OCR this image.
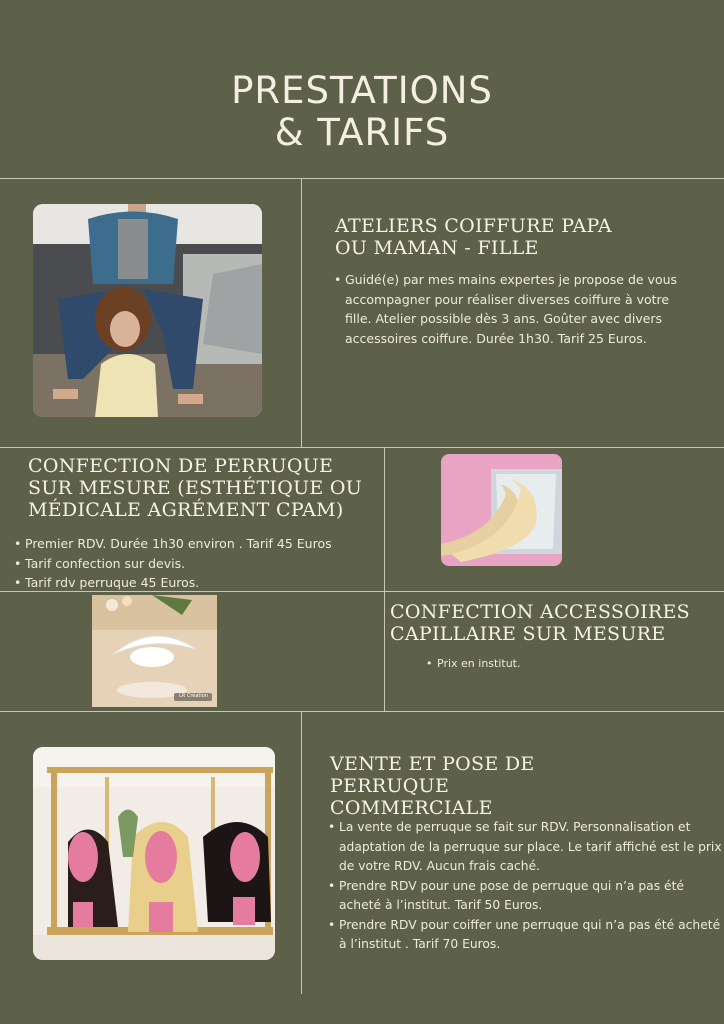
PRESTATIONS
& TARIFS
ATELIERS COIFFURE PAPA
OU MAMAN - FILLE
• Guidé(e) par mes mains expertes je propose de vous accompagner pour réaliser diverses coiffure à votre fille. Atelier possible dès 3 ans. Goûter avec divers accessoires coiffure. Durée 1h30. Tarif 25 Euros.
CONFECTION DE PERRUQUE
SUR MESURE (ESTHÉTIQUE OU
MÉDICALE AGRÉMENT CPAM)
• Premier RDV. Durée 1h30 environ . Tarif 45 Euros
• Tarif confection sur devis.
• Tarif rdv perruque 45 Euros.
LR Création
CONFECTION ACCESSOIRES
CAPILLAIRE SUR MESURE
• Prix en institut.
VENTE ET POSE DE
PERRUQUE
COMMERCIALE
• La vente de perruque se fait sur RDV. Personnalisation et adaptation de la perruque sur place. Le tarif affiché est le prix de votre RDV. Aucun frais caché.
• Prendre RDV pour une pose de perruque qui n’a pas été acheté à l’institut. Tarif 50 Euros.
• Prendre RDV pour coiffer une perruque qui n’a pas été acheté à l’institut . Tarif 70 Euros.
